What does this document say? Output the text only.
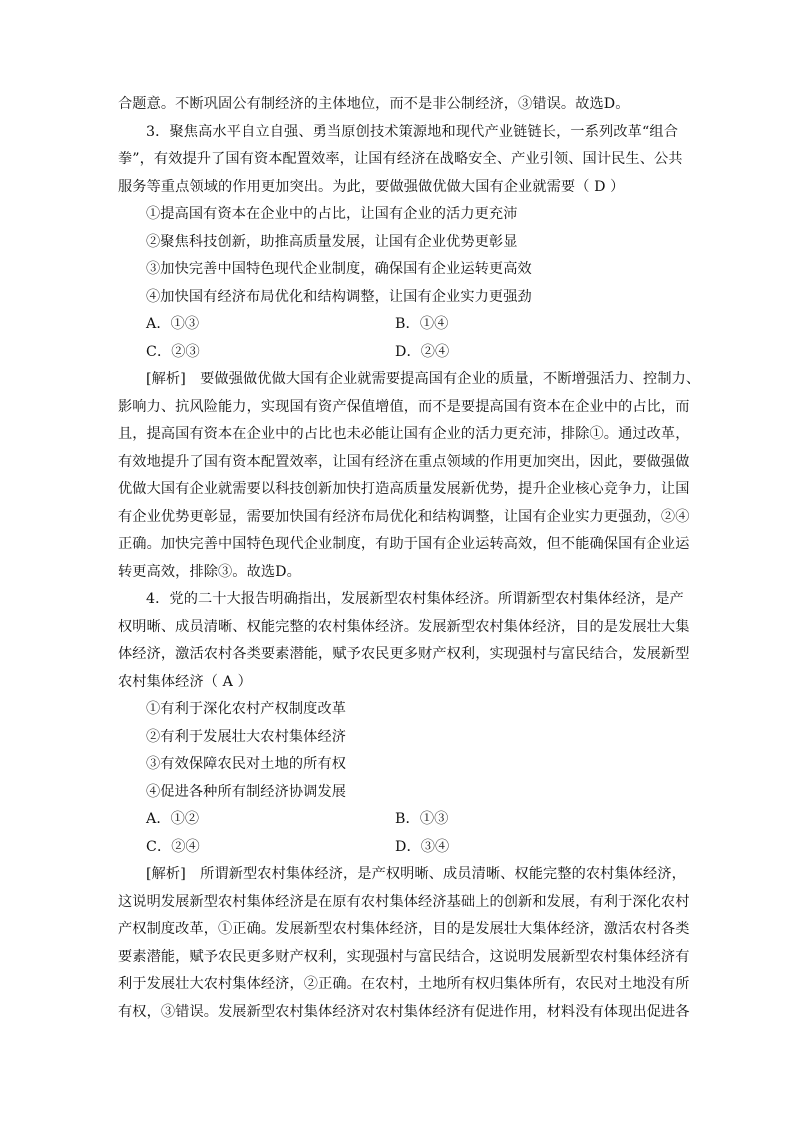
合题意。不断巩固公有制经济的主体地位，而不是非公制经济，③错误。故选D。
3．聚焦高水平自立自强、勇当原创技术策源地和现代产业链链长，一系列改革“组合
拳”，有效提升了国有资本配置效率，让国有经济在战略安全、产业引领、国计民生、公共
服务等重点领域的作用更加突出。为此，要做强做优做大国有企业就需要（ D ）
①提高国有资本在企业中的占比，让国有企业的活力更充沛
②聚焦科技创新，助推高质量发展，让国有企业优势更彰显
③加快完善中国特色现代企业制度，确保国有企业运转更高效
④加快国有经济布局优化和结构调整，让国有企业实力更强劲
A．①③	B．①④
C．②③	D．②④
[解析]　要做强做优做大国有企业就需要提高国有企业的质量，不断增强活力、控制力、
影响力、抗风险能力，实现国有资产保值增值，而不是要提高国有资本在企业中的占比，而
且，提高国有资本在企业中的占比也未必能让国有企业的活力更充沛，排除①。通过改革，
有效地提升了国有资本配置效率，让国有经济在重点领域的作用更加突出，因此，要做强做
优做大国有企业就需要以科技创新加快打造高质量发展新优势，提升企业核心竞争力，让国
有企业优势更彰显，需要加快国有经济布局优化和结构调整，让国有企业实力更强劲，②④
正确。加快完善中国特色现代企业制度，有助于国有企业运转高效，但不能确保国有企业运
转更高效，排除③。故选D。
4．党的二十大报告明确指出，发展新型农村集体经济。所谓新型农村集体经济，是产
权明晰、成员清晰、权能完整的农村集体经济。发展新型农村集体经济，目的是发展壮大集
体经济，激活农村各类要素潜能，赋予农民更多财产权利，实现强村与富民结合，发展新型
农村集体经济（ A ）
①有利于深化农村产权制度改革
②有利于发展壮大农村集体经济
③有效保障农民对土地的所有权
④促进各种所有制经济协调发展
A．①②	B．①③
C．②④	D．③④
[解析]　所谓新型农村集体经济，是产权明晰、成员清晰、权能完整的农村集体经济，
这说明发展新型农村集体经济是在原有农村集体经济基础上的创新和发展，有利于深化农村
产权制度改革，①正确。发展新型农村集体经济，目的是发展壮大集体经济，激活农村各类
要素潜能，赋予农民更多财产权利，实现强村与富民结合，这说明发展新型农村集体经济有
利于发展壮大农村集体经济，②正确。在农村，土地所有权归集体所有，农民对土地没有所
有权，③错误。发展新型农村集体经济对农村集体经济有促进作用，材料没有体现出促进各
